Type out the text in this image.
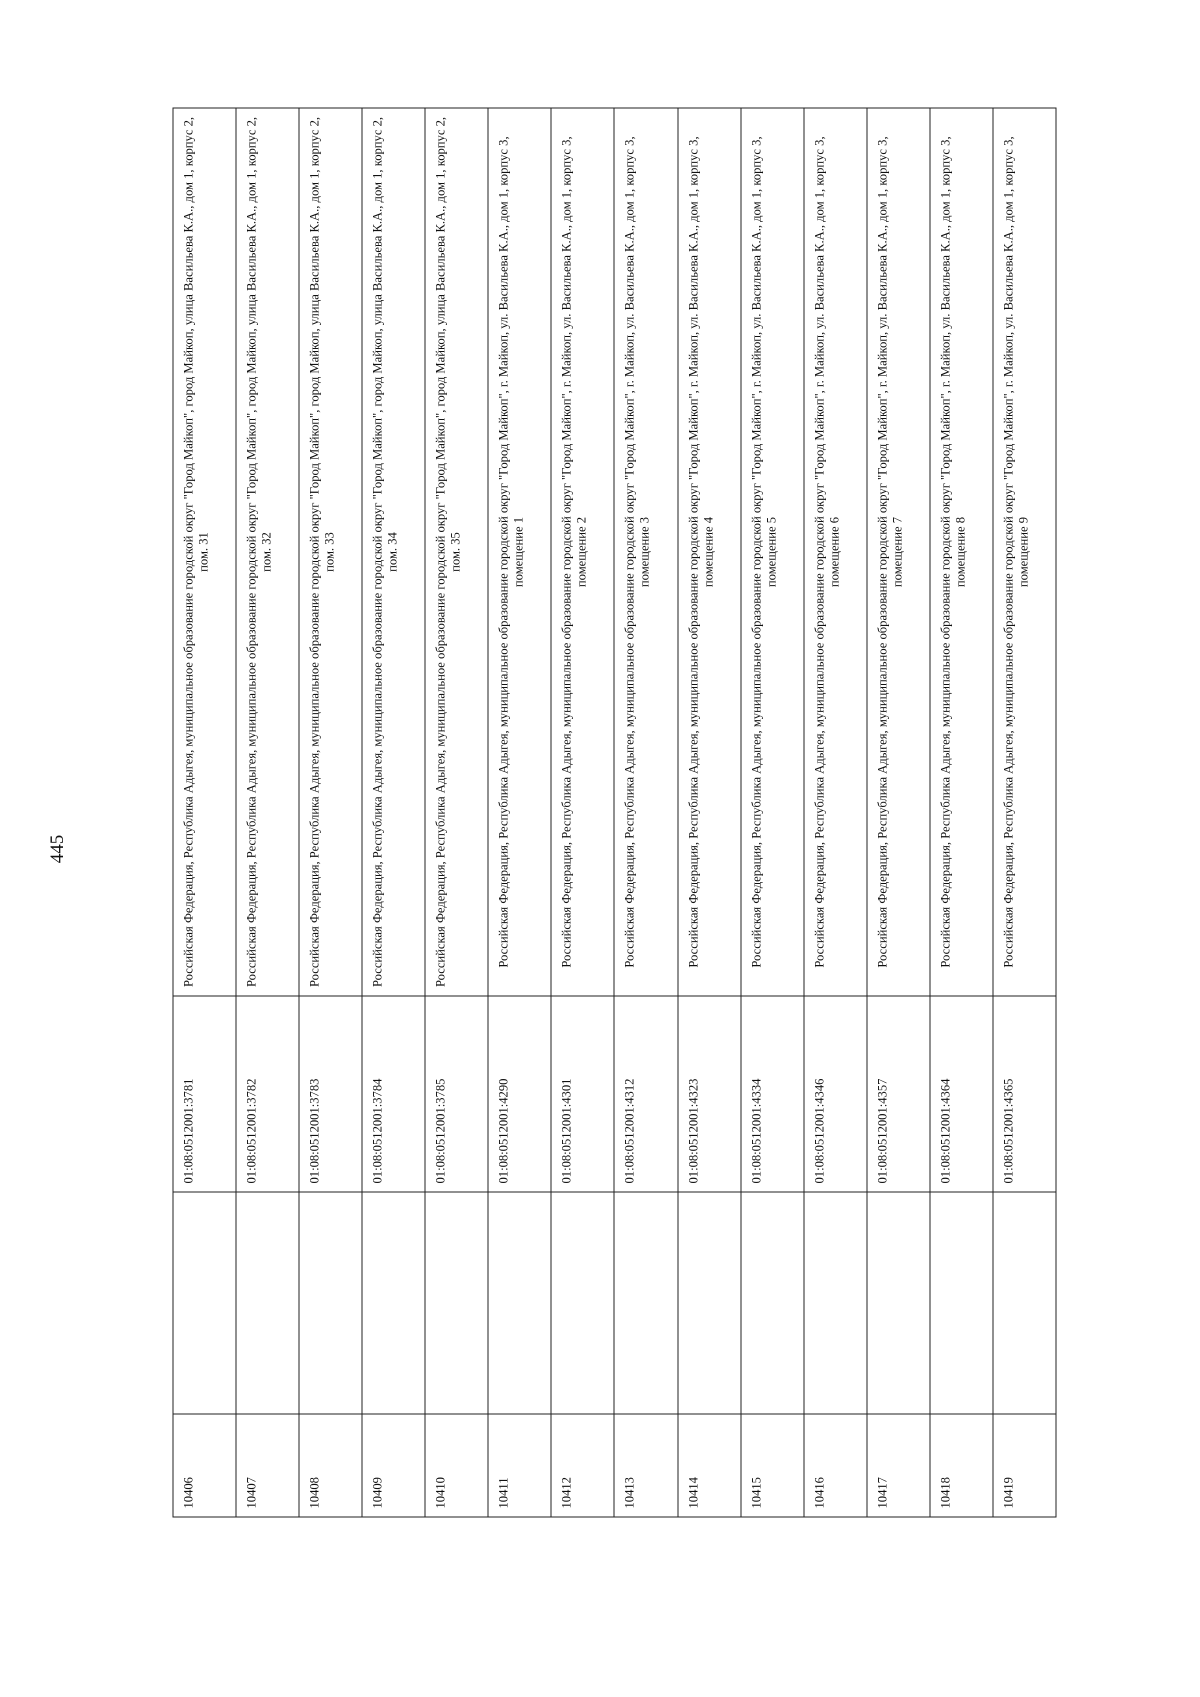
445
10406		01:08:0512001:3781	Российская Федерация, Республика Адыгея, муниципальное образование городской округ "Город Майкоп", город Майкоп, улица Васильева К.А., дом 1, корпус 2, пом. 31

10407		01:08:0512001:3782	Российская Федерация, Республика Адыгея, муниципальное образование городской округ "Город Майкоп", город Майкоп, улица Васильева К.А., дом 1, корпус 2, пом. 32

10408		01:08:0512001:3783	Российская Федерация, Республика Адыгея, муниципальное образование городской округ "Город Майкоп", город Майкоп, улица Васильева К.А., дом 1, корпус 2, пом. 33

10409		01:08:0512001:3784	Российская Федерация, Республика Адыгея, муниципальное образование городской округ "Город Майкоп", город Майкоп, улица Васильева К.А., дом 1, корпус 2, пом. 34

10410		01:08:0512001:3785	Российская Федерация, Республика Адыгея, муниципальное образование городской округ "Город Майкоп", город Майкоп, улица Васильева К.А., дом 1, корпус 2, пом. 35

10411		01:08:0512001:4290	Российская Федерация, Республика Адыгея, муниципальное образование городской округ "Город Майкоп", г. Майкоп, ул. Васильева К.А., дом 1, корпус 3, помещение 1

10412		01:08:0512001:4301	Российская Федерация, Республика Адыгея, муниципальное образование городской округ "Город Майкоп", г. Майкоп, ул. Васильева К.А., дом 1, корпус 3, помещение 2

10413		01:08:0512001:4312	Российская Федерация, Республика Адыгея, муниципальное образование городской округ "Город Майкоп", г. Майкоп, ул. Васильева К.А., дом 1, корпус 3, помещение 3

10414		01:08:0512001:4323	Российская Федерация, Республика Адыгея, муниципальное образование городской округ "Город Майкоп", г. Майкоп, ул. Васильева К.А., дом 1, корпус 3, помещение 4

10415		01:08:0512001:4334	Российская Федерация, Республика Адыгея, муниципальное образование городской округ "Город Майкоп", г. Майкоп, ул. Васильева К.А., дом 1, корпус 3, помещение 5

10416		01:08:0512001:4346	Российская Федерация, Республика Адыгея, муниципальное образование городской округ "Город Майкоп", г. Майкоп, ул. Васильева К.А., дом 1, корпус 3, помещение 6

10417		01:08:0512001:4357	Российская Федерация, Республика Адыгея, муниципальное образование городской округ "Город Майкоп", г. Майкоп, ул. Васильева К.А., дом 1, корпус 3, помещение 7

10418		01:08:0512001:4364	Российская Федерация, Республика Адыгея, муниципальное образование городской округ "Город Майкоп", г. Майкоп, ул. Васильева К.А., дом 1, корпус 3, помещение 8

10419		01:08:0512001:4365	Российская Федерация, Республика Адыгея, муниципальное образование городской округ "Город Майкоп", г. Майкоп, ул. Васильева К.А., дом 1, корпус 3, помещение 9
